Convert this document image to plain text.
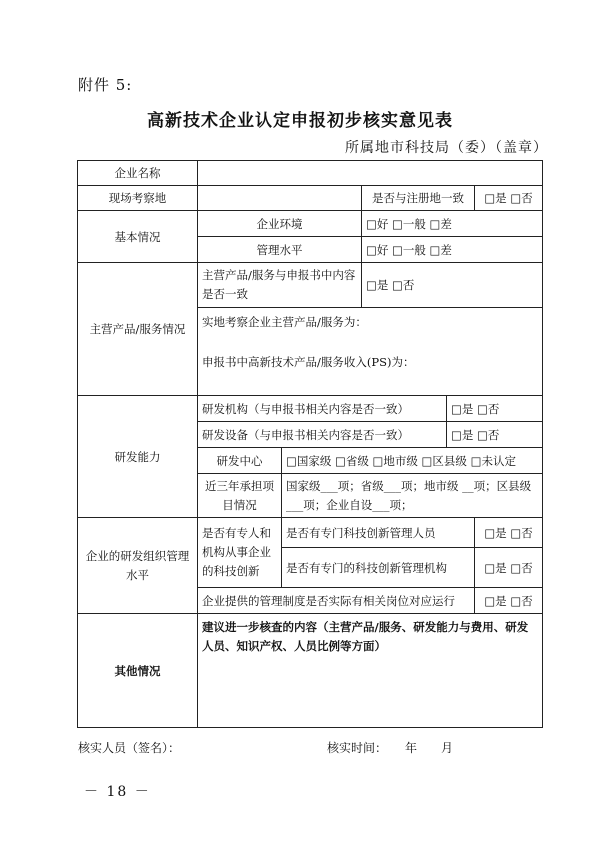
附件 5:
高新技术企业认定申报初步核实意见表
所属地市科技局（委）（盖章）
企业名称					
现场考察地			是否与注册地一致		□是 □否
基本情况	企业环境		□好 □一般 □差		
	管理水平		□好 □一般 □差		
主营产品/服务情况	主营产品/服务与申报书中内容是否一致		□是 □否		

	实地考察企业主营产品/服务为：
申报书中高新技术产品/服务收入(PS)为：				

研发能力	研发机构（与申报书相关内容是否一致）			□是 □否	
	研发设备（与申报书相关内容是否一致）			□是 □否	
	研发中心	□国家级 □省级 □地市级 □区县级 □未认定			
	近三年承担项目情况	国家级___项；省级___项；地市级 __项；区县级___项；企业自设___项；			
企业的研发组织管理水平	是否有专人和机构从事企业的科技创新	是否有专门科技创新管理人员			□是 □否
		是否有专门的科技创新管理机构			□是 □否
	企业提供的管理制度是否实际有相关岗位对应运行				□是 □否
其他情况	建议进一步核查的内容（主营产品/服务、研发能力与费用、研发人员、知识产权、人员比例等方面）				
核实人员（签名）：	核实时间：　　年　　月
－ 18 －
